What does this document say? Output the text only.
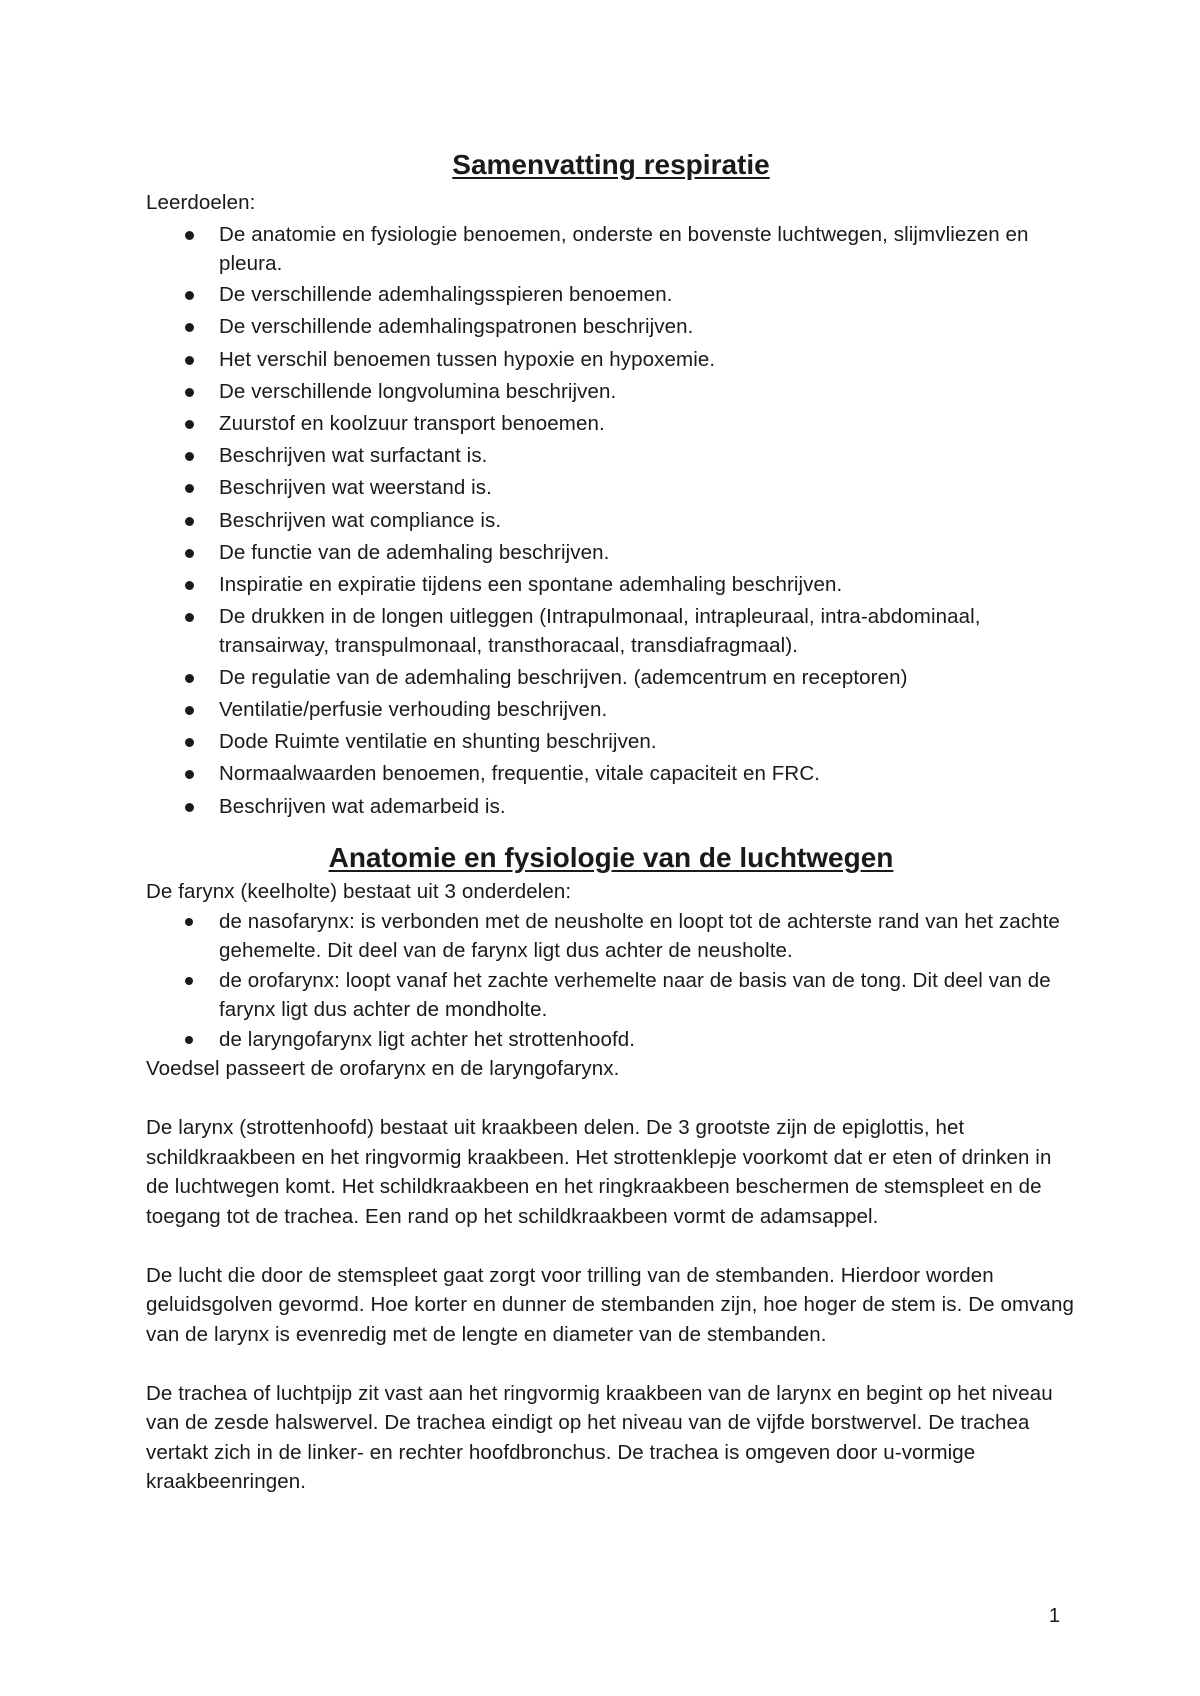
Samenvatting respiratie

Leerdoelen:

De anatomie en fysiologie benoemen, onderste en bovenste luchtwegen, slijmvliezen en pleura.
De verschillende ademhalingsspieren benoemen.
De verschillende ademhalingspatronen beschrijven.
Het verschil benoemen tussen hypoxie en hypoxemie.
De verschillende longvolumina beschrijven.
Zuurstof en koolzuur transport benoemen.
Beschrijven wat surfactant is.
Beschrijven wat weerstand is.
Beschrijven wat compliance is.
De functie van de ademhaling beschrijven.
Inspiratie en expiratie tijdens een spontane ademhaling beschrijven.
De drukken in de longen uitleggen (Intrapulmonaal, intrapleuraal, intra-abdominaal, transairway, transpulmonaal, transthoracaal, transdiafragmaal).
De regulatie van de ademhaling beschrijven. (ademcentrum en receptoren)
Ventilatie/perfusie verhouding beschrijven.
Dode Ruimte ventilatie en shunting beschrijven.
Normaalwaarden benoemen, frequentie, vitale capaciteit en FRC.
Beschrijven wat ademarbeid is.
Anatomie en fysiologie van de luchtwegen

De farynx (keelholte) bestaat uit 3 onderdelen:

de nasofarynx: is verbonden met de neusholte en loopt tot de achterste rand van het zachte gehemelte. Dit deel van de farynx ligt dus achter de neusholte.
de orofarynx: loopt vanaf het zachte verhemelte naar de basis van de tong. Dit deel van de farynx ligt dus achter de mondholte.
de laryngofarynx ligt achter het strottenhoofd.

Voedsel passeert de orofarynx en de laryngofarynx.

De larynx (strottenhoofd) bestaat uit kraakbeen delen. De 3 grootste zijn de epiglottis, het schildkraakbeen en het ringvormig kraakbeen. Het strottenklepje voorkomt dat er eten of drinken in de luchtwegen komt. Het schildkraakbeen en het ringkraakbeen beschermen de stemspleet en de toegang tot de trachea. Een rand op het schildkraakbeen vormt de adamsappel.

De lucht die door de stemspleet gaat zorgt voor trilling van de stembanden. Hierdoor worden geluidsgolven gevormd. Hoe korter en dunner de stembanden zijn, hoe hoger de stem is. De omvang van de larynx is evenredig met de lengte en diameter van de stembanden.

De trachea of luchtpijp zit vast aan het ringvormig kraakbeen van de larynx en begint op het niveau van de zesde halswervel. De trachea eindigt op het niveau van de vijfde borstwervel. De trachea vertakt zich in de linker- en rechter hoofdbronchus. De trachea is omgeven door u-vormige kraakbeenringen.

1
